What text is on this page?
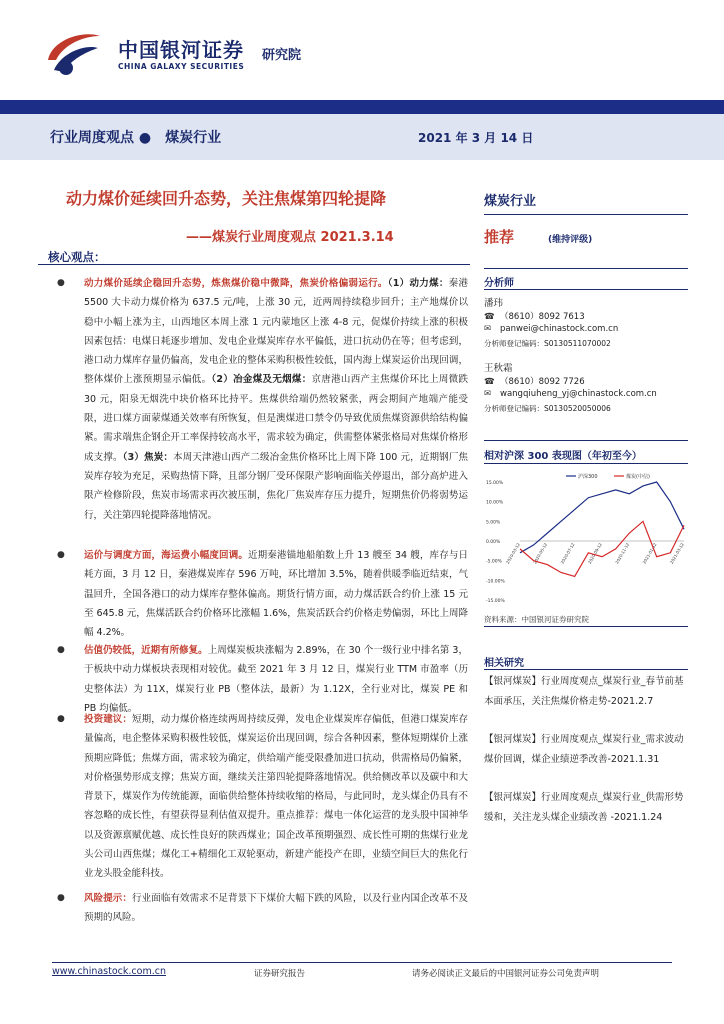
中国银河证券 研究院
CHINA GALAXY SECURITIES
行业周度观点 ●　煤炭行业	2021 年 3 月 14 日
动力煤价延续回升态势，关注焦煤第四轮提降
——煤炭行业周度观点 2021.3.14
核心观点：
● 动力煤价延续企稳回升态势，炼焦煤价稳中微降，焦炭价格偏弱运行。（1）动力煤：秦港 5500 大卡动力煤价格为 637.5 元/吨，上涨 30 元，近两周持续稳步回升；主产地煤价以稳中小幅上涨为主，山西地区本周上涨 1 元内蒙地区上涨 4-8 元，促煤价持续上涨的积极因素包括：电煤日耗逐步增加、发电企业煤炭库存水平偏低，进口抗动仍在等；但考虑到，港口动力煤库存量仍偏高，发电企业的整体采购积极性较低，国内海上煤炭运价出现回调，整体煤价上涨预期显示偏低。（2）冶金煤及无烟煤：京唐港山西产主焦煤价环比上周微跌 30 元，阳泉无烟洗中块价格环比持平。焦煤供给端仍然较紧张，两会期间产地端产能受限，进口煤方面蒙煤通关效率有所恢复，但是澳煤进口禁令仍导致优质焦煤资源供给结构偏紧。需求端焦企钢企开工率保持较高水平，需求较为确定，供需整体紧张格局对焦煤价格形成支撑。（3）焦炭：本周天津港山西产二级冶金焦价格环比上周下降 100 元，近期钢厂焦炭库存较为充足，采购热情下降，且部分钢厂受环保限产影响面临关停退出，部分高炉进入限产检修阶段，焦炭市场需求再次被压制，焦化厂焦炭库存压力提升，短期焦价仍将弱势运行，关注第四轮提降落地情况。
● 运价与调度方面，海运费小幅度回调。近期秦港锚地船舶数上升 13 艘至 34 艘，库存与日耗方面，3 月 12 日，秦港煤炭库存 596 万吨，环比增加 3.5%，随着供暖季临近结束，气温回升，全国各港口的动力煤库存整体偏高。期货行情方面，动力煤活跃合约价上涨 15 元至 645.8 元，焦煤活跃合约价格环比涨幅 1.6%，焦炭活跃合约价格走势偏弱，环比上周降幅 4.2%。
● 估值仍较低，近期有所修复。上周煤炭板块涨幅为 2.89%，在 30 个一级行业中排名第 3，于板块中动力煤板块表现相对较优。截至 2021 年 3 月 12 日，煤炭行业 TTM 市盈率（历史整体法）为 11X，煤炭行业 PB（整体法，最新）为 1.12X，全行业对比，煤炭 PE 和 PB 均偏低。
● 投资建议：短期，动力煤价格连续两周持续反弹，发电企业煤炭库存偏低，但港口煤炭库存量偏高，电企整体采购积极性较低，煤炭运价出现回调，综合各种因素，整体短期煤价上涨预期应降低；焦煤方面，需求较为确定，供给端产能受限叠加进口抗动，供需格局仍偏紧，对价格强势形成支撑；焦炭方面，继续关注第四轮提降落地情况。供给侧改革以及碳中和大背景下，煤炭作为传统能源，面临供给整体持续收缩的格局，与此同时，龙头煤企仍具有不容忽略的成长性，有望获得显利估值双提升。重点推荐：煤电一体化运营的龙头股中国神华以及资源禀赋优越、成长性良好的陕西煤业；国企改革预期强烈、成长性可期的焦煤行业龙头公司山西焦煤；煤化工+精细化工双轮驱动，新建产能投产在即，业绩空间巨大的焦化行业龙头股金能科技。
● 风险提示：行业面临有效需求不足背景下下煤价大幅下跌的风险，以及行业内国企改革不及预期的风险。
煤炭行业
推荐	(维持评级)
分析师
潘玮
☎ （8610）8092 7613
✉ panwei@chinastock.com.cn
分析师登记编码：S0130511070002
王秋霜
☎ （8610）8092 7726
✉ wangqiuheng_yj@chinastock.com.cn
分析师登记编码：S0130520050006
相对沪深 300 表现图（年初至今）
15.00%
10.00%
5.00%
0.00%
-5.00%
-10.00%
-15.00%
2020-03-12	2020-05-12	2020-07-12	2020-09-12	2020-11-12	2021-01-12	2021-03-12
沪深300	煤炭(中信)
资料来源：中国银河证券研究院
相关研究
【银河煤炭】行业周度观点_煤炭行业_春节前基本面承压，关注焦煤价格走势-2021.2.7
【银河煤炭】行业周度观点_煤炭行业_需求波动煤价回调，煤企业绩逆季改善-2021.1.31
【银河煤炭】行业周度观点_煤炭行业_供需形势缓和，关注龙头煤企业绩改善 -2021.1.24
www.chinastock.com.cn	证券研究报告	请务必阅读正文最后的中国银河证券公司免责声明
